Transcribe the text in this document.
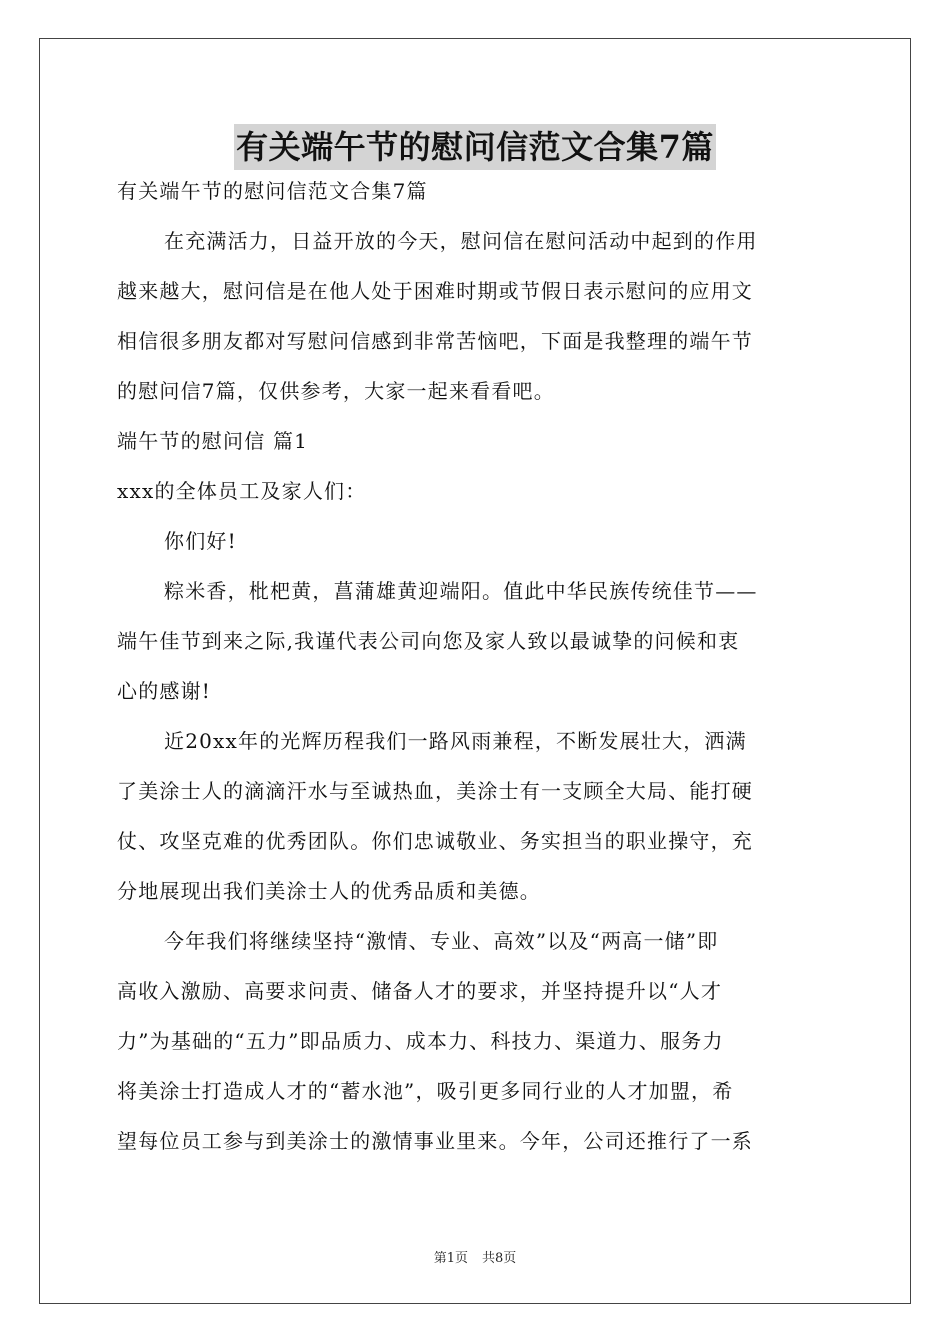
有关端午节的慰问信范文合集7篇
有关端午节的慰问信范文合集7篇
在充满活力，日益开放的今天，慰问信在慰问活动中起到的作用
越来越大，慰问信是在他人处于困难时期或节假日表示慰问的应用文
相信很多朋友都对写慰问信感到非常苦恼吧，下面是我整理的端午节
的慰问信7篇，仅供参考，大家一起来看看吧。
端午节的慰问信 篇1
xxx的全体员工及家人们：
你们好!
粽米香，枇杷黄，菖蒲雄黄迎端阳。值此中华民族传统佳节——
端午佳节到来之际,我谨代表公司向您及家人致以最诚挚的问候和衷
心的感谢!
近20xx年的光辉历程我们一路风雨兼程，不断发展壮大，洒满
了美涂士人的滴滴汗水与至诚热血，美涂士有一支顾全大局、能打硬
仗、攻坚克难的优秀团队。你们忠诚敬业、务实担当的职业操守，充
分地展现出我们美涂士人的优秀品质和美德。
今年我们将继续坚持“激情、专业、高效”以及“两高一储”即
高收入激励、高要求问责、储备人才的要求，并坚持提升以“人才
力”为基础的“五力”即品质力、成本力、科技力、渠道力、服务力
将美涂士打造成人才的“蓄水池”，吸引更多同行业的人才加盟，希
望每位员工参与到美涂士的激情事业里来。今年，公司还推行了一系
第1页 共8页
